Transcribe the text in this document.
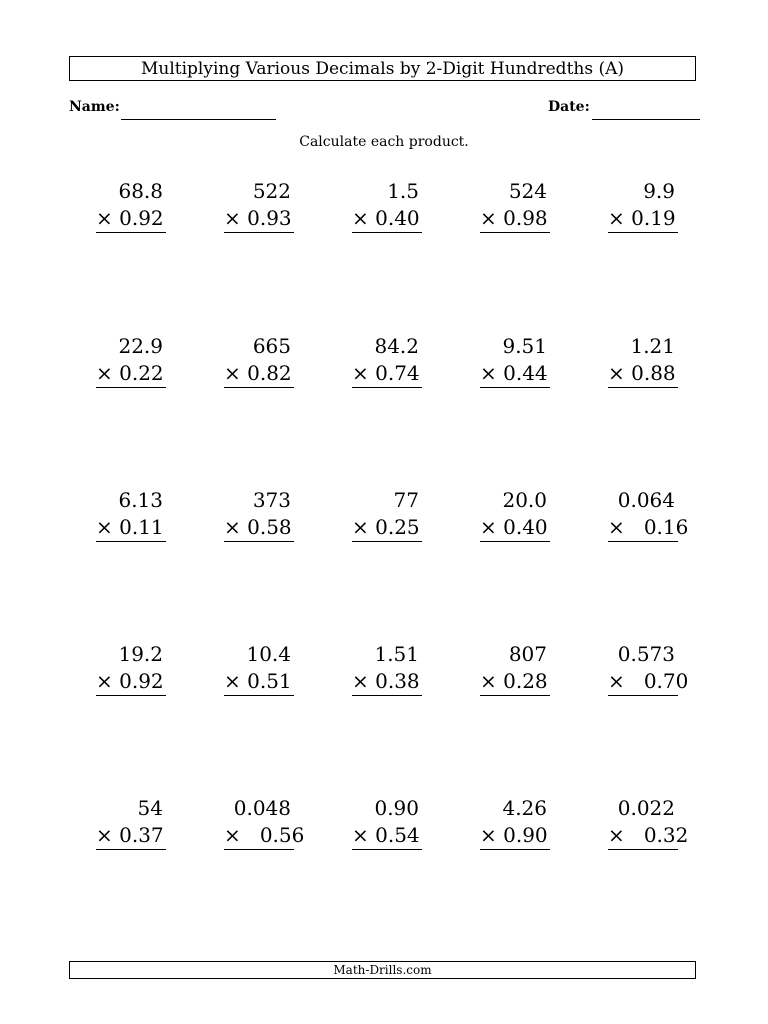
Multiplying Various Decimals by 2-Digit Hundredths (A)
Name:	Date:
Calculate each product.
68.8
× 0.92
522
× 0.93
1.5
× 0.40
524
× 0.98
9.9
× 0.19
22.9
× 0.22
665
× 0.82
84.2
× 0.74
9.51
× 0.44
1.21
× 0.88
6.13
× 0.11
373
× 0.58
77
× 0.25
20.0
× 0.40
0.064
×   0.16
19.2
× 0.92
10.4
× 0.51
1.51
× 0.38
807
× 0.28
0.573
×   0.70
54
× 0.37
0.048
×   0.56
0.90
× 0.54
4.26
× 0.90
0.022
×   0.32
Math-Drills.com
